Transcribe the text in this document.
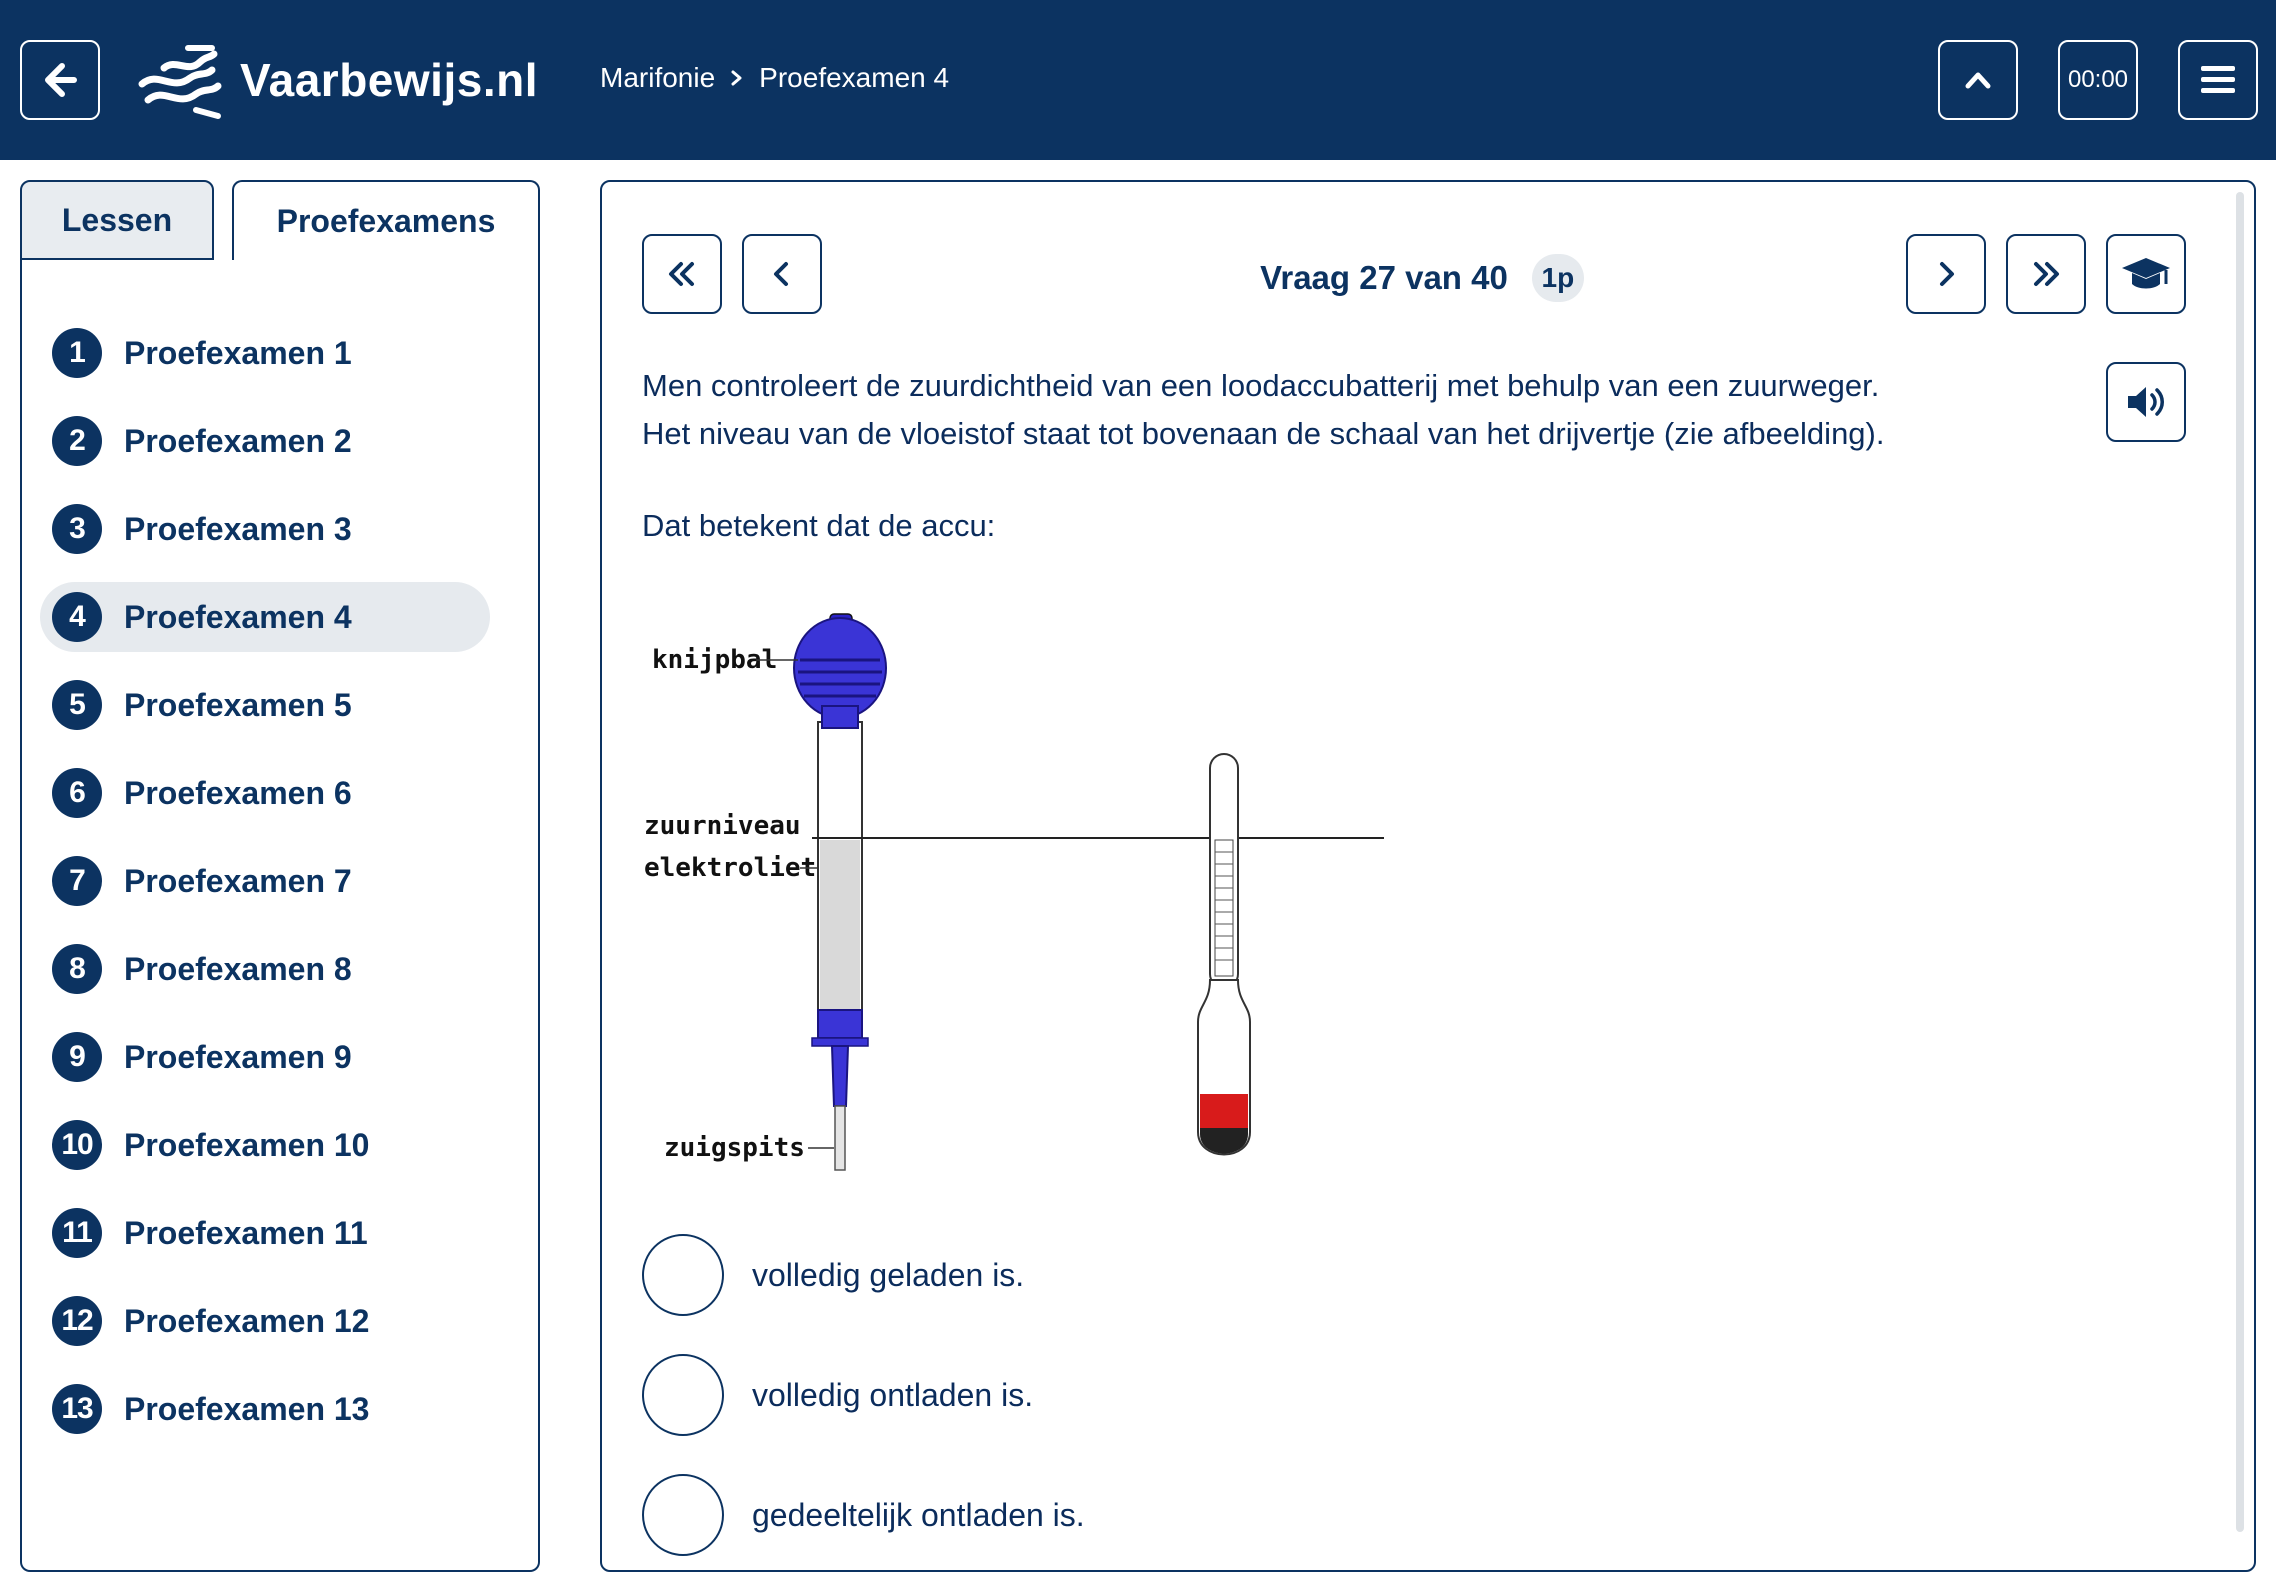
Vaarbewijs.nl Marifonie Proefexamen 4	00:00
Lessen	Proefexamens
1	Proefexamen 1
2	Proefexamen 2
3	Proefexamen 3
4	Proefexamen 4
5	Proefexamen 5
6	Proefexamen 6
7	Proefexamen 7
8	Proefexamen 8
9	Proefexamen 9
10 Proefexamen 10
11	Proefexamen 11
12 Proefexamen 12
13 Proefexamen 13
Vraag 27 van 40	1p
Men controleert de zuurdichtheid van een loodaccubatterij met behulp van een zuurweger.
Het niveau van de vloeistof staat tot bovenaan de schaal van het drijvertje (zie afbeelding).
Dat betekent dat de accu:
knijpbal
zuurniveau
elektroliet
zuigspits
volledig geladen is.
volledig ontladen is.
gedeeltelijk ontladen is.
